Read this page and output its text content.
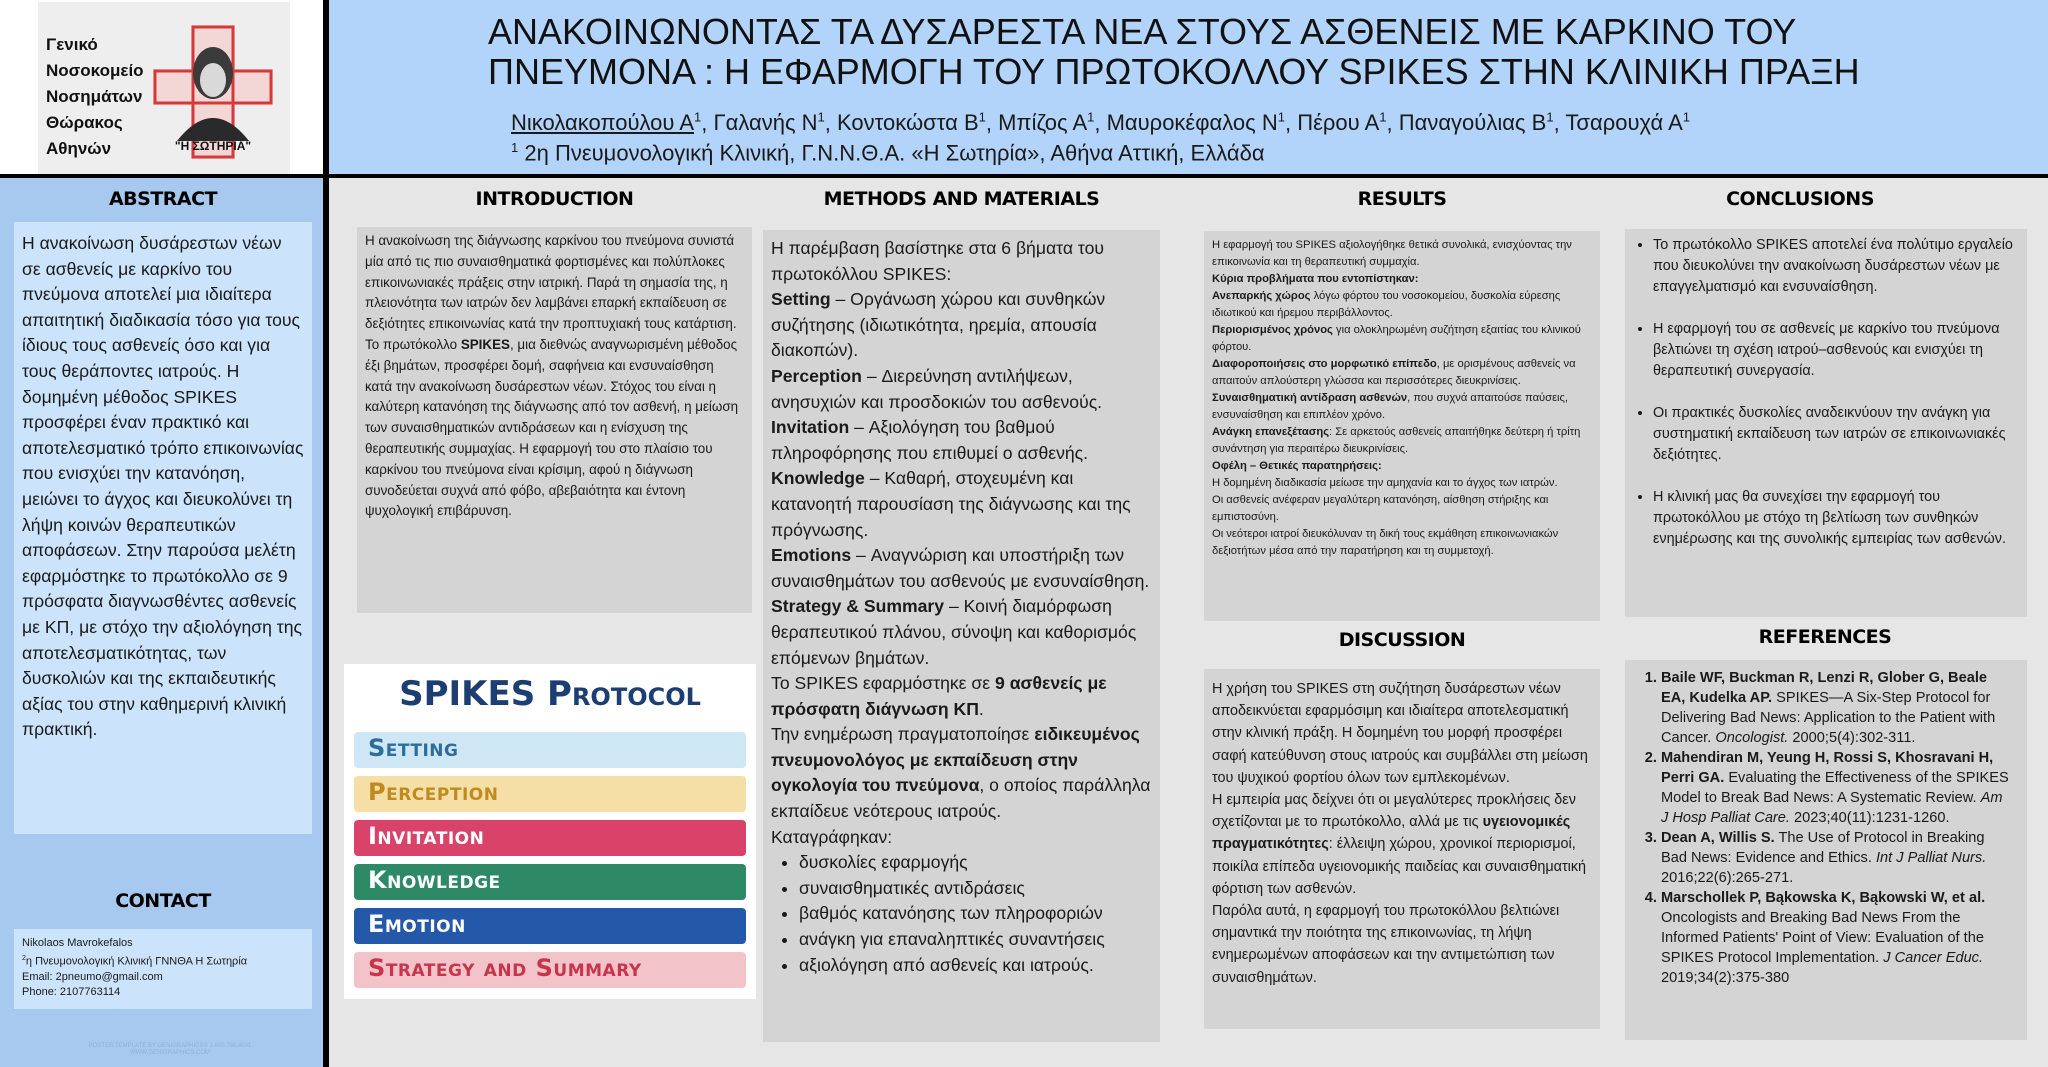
Γενικό
Νοσοκομείο
Νοσημάτων
Θώρακος
Αθηνών	"Η ΣΩΤΗΡΙΑ"
ΑΝΑΚΟΙΝΩΝΟΝΤΑΣ ΤΑ ΔΥΣΑΡΕΣΤΑ ΝΕΑ ΣΤΟΥΣ ΑΣΘΕΝΕΙΣ ΜΕ ΚΑΡΚΙΝΟ ΤΟΥ
ΠΝΕΥΜΟΝΑ : Η ΕΦΑΡΜΟΓΗ ΤΟΥ ΠΡΩΤΟΚΟΛΛΟΥ SPIKES ΣΤΗΝ ΚΛΙΝΙΚΗ ΠΡΑΞΗ
Νικολακοπούλου $A^1$, Γαλανής $N^1$, Κοντοκώστα $B^1$, Μπίζος $A^1$, Μαυροκέφαλος $N^1$, Πέρου $A^1$, Παναγούλιας $B^1$, Τσαρουχά $A^1$
$^1$ 2η Πνευμονολογική Κλινική, Γ.Ν.Ν.Θ.Α. «Η Σωτηρία», Αθήνα Αττική, Ελλάδα
ABSTRACT
Η ανακοίνωση δυσάρεστων νέων σε ασθενείς με καρκίνο του πνεύμονα αποτελεί μια ιδιαίτερα απαιτητική διαδικασία τόσο για τους ίδιους τους ασθενείς όσο και για τους θεράποντες ιατρούς. Η δομημένη μέθοδος SPIKES προσφέρει έναν πρακτικό και αποτελεσματικό τρόπο επικοινωνίας που ενισχύει την κατανόηση, μειώνει το άγχος και διευκολύνει τη λήψη κοινών θεραπευτικών αποφάσεων. Στην παρούσα μελέτη εφαρμόστηκε το πρωτόκολλο σε 9 πρόσφατα διαγνωσθέντες ασθενείς με ΚΠ, με στόχο την αξιολόγηση της αποτελεσματικότητας, των δυσκολιών και της εκπαιδευτικής αξίας του στην καθημερινή κλινική πρακτική.
CONTACT
Nikolaos Mavrokefalos
$^2$η Πνευμονολογική Κλινική ΓΝΝΘΑ Η Σωτηρία
Email: 2pneumo@gmail.com
Phone: 2107763114
POSTER TEMPLATE BY GENIGRAPHICS® 1.800.790.4001 WWW.GENIGRAPHICS.COM
INTRODUCTION
Η ανακοίνωση της διάγνωσης καρκίνου του πνεύμονα συνιστά μία από τις πιο συναισθηματικά φορτισμένες και πολύπλοκες επικοινωνιακές πράξεις στην ιατρική. Παρά τη σημασία της, η πλειονότητα των ιατρών δεν λαμβάνει επαρκή εκπαίδευση σε δεξιότητες επικοινωνίας κατά την προπτυχιακή τους κατάρτιση.
Το πρωτόκολλο SPIKES, μια διεθνώς αναγνωρισμένη μέθοδος έξι βημάτων, προσφέρει δομή, σαφήνεια και ενσυναίσθηση κατά την ανακοίνωση δυσάρεστων νέων. Στόχος του είναι η καλύτερη κατανόηση της διάγνωσης από τον ασθενή, η μείωση των συναισθηματικών αντιδράσεων και η ενίσχυση της θεραπευτικής συμμαχίας. Η εφαρμογή του στο πλαίσιο του καρκίνου του πνεύμονα είναι κρίσιμη, αφού η διάγνωση συνοδεύεται συχνά από φόβο, αβεβαιότητα και έντονη ψυχολογική επιβάρυνση.
SPIKES Protocol
Setting
Perception
Invitation
Knowledge
Emotion
Strategy and Summary
METHODS AND MATERIALS
Η παρέμβαση βασίστηκε στα 6 βήματα του πρωτοκόλλου SPIKES:
Setting – Οργάνωση χώρου και συνθηκών συζήτησης (ιδιωτικότητα, ηρεμία, απουσία διακοπών).
Perception – Διερεύνηση αντιλήψεων, ανησυχιών και προσδοκιών του ασθενούς.
Invitation – Αξιολόγηση του βαθμού πληροφόρησης που επιθυμεί ο ασθενής.
Knowledge – Καθαρή, στοχευμένη και κατανοητή παρουσίαση της διάγνωσης και της πρόγνωσης.
Emotions – Αναγνώριση και υποστήριξη των συναισθημάτων του ασθενούς με ενσυναίσθηση.
Strategy & Summary – Κοινή διαμόρφωση θεραπευτικού πλάνου, σύνοψη και καθορισμός επόμενων βημάτων.
Το SPIKES εφαρμόστηκε σε 9 ασθενείς με πρόσφατη διάγνωση ΚΠ.
Την ενημέρωση πραγματοποίησε ειδικευμένος πνευμονολόγος με εκπαίδευση στην ογκολογία του πνεύμονα, ο οποίος παράλληλα εκπαίδευε νεότερους ιατρούς.
Καταγράφηκαν:
• δυσκολίες εφαρμογής
• συναισθηματικές αντιδράσεις
• βαθμός κατανόησης των πληροφοριών
• ανάγκη για επαναληπτικές συναντήσεις
• αξιολόγηση από ασθενείς και ιατρούς.
RESULTS
Η εφαρμογή του SPIKES αξιολογήθηκε θετικά συνολικά, ενισχύοντας την επικοινωνία και τη θεραπευτική συμμαχία.
Κύρια προβλήματα που εντοπίστηκαν:
Ανεπαρκής χώρος λόγω φόρτου του νοσοκομείου, δυσκολία εύρεσης ιδιωτικού και ήρεμου περιβάλλοντος.
Περιορισμένος χρόνος για ολοκληρωμένη συζήτηση εξαιτίας του κλινικού φόρτου.
Διαφοροποιήσεις στο μορφωτικό επίπεδο, με ορισμένους ασθενείς να απαιτούν απλούστερη γλώσσα και περισσότερες διευκρινίσεις.
Συναισθηματική αντίδραση ασθενών, που συχνά απαιτούσε παύσεις, ενσυναίσθηση και επιπλέον χρόνο.
Ανάγκη επανεξέτασης: Σε αρκετούς ασθενείς απαιτήθηκε δεύτερη ή τρίτη συνάντηση για περαιτέρω διευκρινίσεις.
Οφέλη – Θετικές παρατηρήσεις:
Η δομημένη διαδικασία μείωσε την αμηχανία και το άγχος των ιατρών.
Οι ασθενείς ανέφεραν μεγαλύτερη κατανόηση, αίσθηση στήριξης και εμπιστοσύνη.
Οι νεότεροι ιατροί διευκόλυναν τη δική τους εκμάθηση επικοινωνιακών δεξιοτήτων μέσα από την παρατήρηση και τη συμμετοχή.
DISCUSSION
Η χρήση του SPIKES στη συζήτηση δυσάρεστων νέων αποδεικνύεται εφαρμόσιμη και ιδιαίτερα αποτελεσματική στην κλινική πράξη. Η δομημένη του μορφή προσφέρει σαφή κατεύθυνση στους ιατρούς και συμβάλλει στη μείωση του ψυχικού φορτίου όλων των εμπλεκομένων.
Η εμπειρία μας δείχνει ότι οι μεγαλύτερες προκλήσεις δεν σχετίζονται με το πρωτόκολλο, αλλά με τις υγειονομικές πραγματικότητες: έλλειψη χώρου, χρονικοί περιορισμοί, ποικίλα επίπεδα υγειονομικής παιδείας και συναισθηματική φόρτιση των ασθενών.
Παρόλα αυτά, η εφαρμογή του πρωτοκόλλου βελτιώνει σημαντικά την ποιότητα της επικοινωνίας, τη λήψη ενημερωμένων αποφάσεων και την αντιμετώπιση των συναισθημάτων.
CONCLUSIONS
• Το πρωτόκολλο SPIKES αποτελεί ένα πολύτιμο εργαλείο που διευκολύνει την ανακοίνωση δυσάρεστων νέων με επαγγελματισμό και ενσυναίσθηση.
• Η εφαρμογή του σε ασθενείς με καρκίνο του πνεύμονα βελτιώνει τη σχέση ιατρού–ασθενούς και ενισχύει τη θεραπευτική συνεργασία.
• Οι πρακτικές δυσκολίες αναδεικνύουν την ανάγκη για συστηματική εκπαίδευση των ιατρών σε επικοινωνιακές δεξιότητες.
• Η κλινική μας θα συνεχίσει την εφαρμογή του πρωτοκόλλου με στόχο τη βελτίωση των συνθηκών ενημέρωσης και της συνολικής εμπειρίας των ασθενών.
REFERENCES
1. Baile WF, Buckman R, Lenzi R, Glober G, Beale EA, Kudelka AP. SPIKES—A Six-Step Protocol for Delivering Bad News: Application to the Patient with Cancer. Oncologist. 2000;5(4):302-311.
2. Mahendiran M, Yeung H, Rossi S, Khosravani H, Perri GA. Evaluating the Effectiveness of the SPIKES Model to Break Bad News: A Systematic Review. Am J Hosp Palliat Care. 2023;40(11):1231-1260.
3. Dean A, Willis S. The Use of Protocol in Breaking Bad News: Evidence and Ethics. Int J Palliat Nurs. 2016;22(6):265-271.
4. Marschollek P, Bąkowska K, Bąkowski W, et al. Oncologists and Breaking Bad News From the Informed Patients' Point of View: Evaluation of the SPIKES Protocol Implementation. J Cancer Educ. 2019;34(2):375-380
